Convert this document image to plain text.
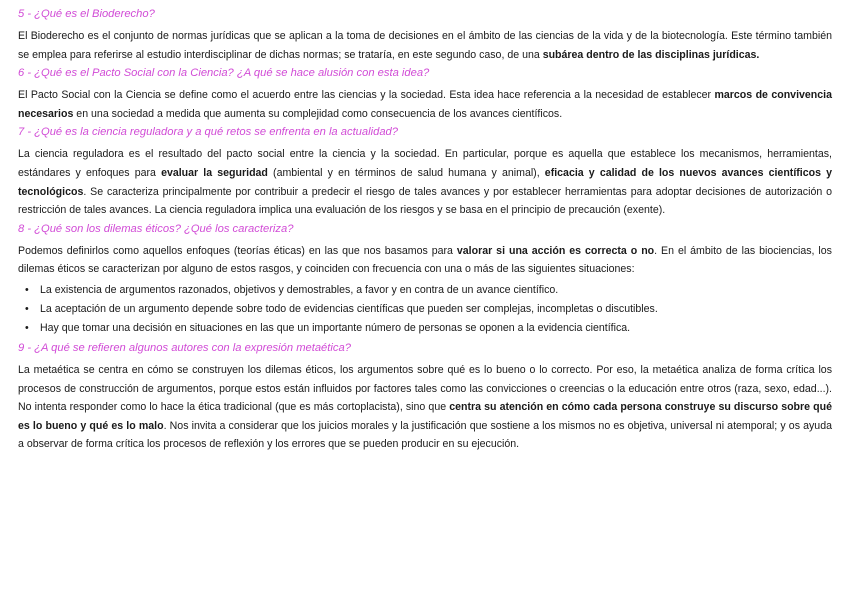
5 - ¿Qué es el Bioderecho?
El Bioderecho es el conjunto de normas jurídicas que se aplican a la toma de decisiones en el ámbito de las ciencias de la vida y de la biotecnología. Este término también se emplea para referirse al estudio interdisciplinar de dichas normas; se trataría, en este segundo caso, de una subárea dentro de las disciplinas jurídicas.
6 - ¿Qué es el Pacto Social con la Ciencia? ¿A qué se hace alusión con esta idea?
El Pacto Social con la Ciencia se define como el acuerdo entre las ciencias y la sociedad. Esta idea hace referencia a la necesidad de establecer marcos de convivencia necesarios en una sociedad a medida que aumenta su complejidad como consecuencia de los avances científicos.
7 - ¿Qué es la ciencia reguladora y a qué retos se enfrenta en la actualidad?
La ciencia reguladora es el resultado del pacto social entre la ciencia y la sociedad. En particular, porque es aquella que establece los mecanismos, herramientas, estándares y enfoques para evaluar la seguridad (ambiental y en términos de salud humana y animal), eficacia y calidad de los nuevos avances científicos y tecnológicos. Se caracteriza principalmente por contribuir a predecir el riesgo de tales avances y por establecer herramientas para adoptar decisiones de autorización o restricción de tales avances. La ciencia reguladora implica una evaluación de los riesgos y se basa en el principio de precaución (exente).
8 - ¿Qué son los dilemas éticos? ¿Qué los caracteriza?
Podemos definirlos como aquellos enfoques (teorías éticas) en las que nos basamos para valorar si una acción es correcta o no. En el ámbito de las biociencias, los dilemas éticos se caracterizan por alguno de estos rasgos, y coinciden con frecuencia con una o más de las siguientes situaciones:
• La existencia de argumentos razonados, objetivos y demostrables, a favor y en contra de un avance científico.
• La aceptación de un argumento depende sobre todo de evidencias científicas que pueden ser complejas, incompletas o discutibles.
• Hay que tomar una decisión en situaciones en las que un importante número de personas se oponen a la evidencia científica.
9 - ¿A qué se refieren algunos autores con la expresión metaética?
La metaética se centra en cómo se construyen los dilemas éticos, los argumentos sobre qué es lo bueno o lo correcto. Por eso, la metaética analiza de forma crítica los procesos de construcción de argumentos, porque estos están influidos por factores tales como las convicciones o creencias o la educación entre otros (raza, sexo, edad...). No intenta responder como lo hace la ética tradicional (que es más cortoplacista), sino que centra su atención en cómo cada persona construye su discurso sobre qué es lo bueno y qué es lo malo. Nos invita a considerar que los juicios morales y la justificación que sostiene a los mismos no es objetiva, universal ni atemporal; y os ayuda a observar de forma crítica los procesos de reflexión y los errores que se pueden producir en su ejecución.
